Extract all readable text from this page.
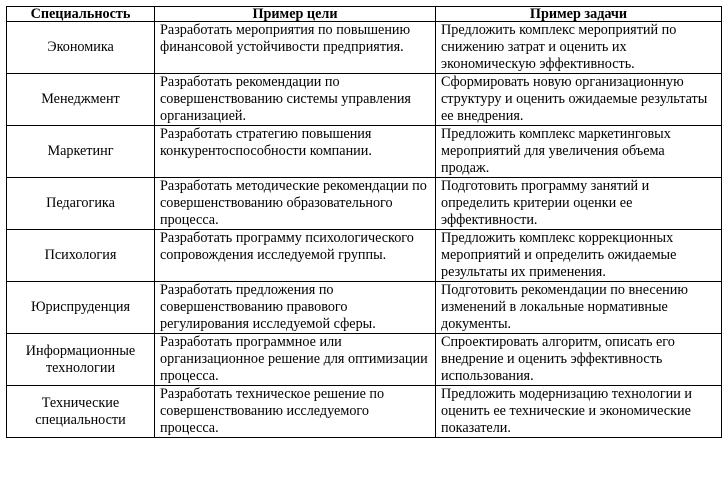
Специальность	Пример цели	Пример задачи
Экономика	Разработать мероприятия по повышению финансовой устойчивости предприятия.	Предложить комплекс мероприятий по снижению затрат и оценить их экономическую эффективность.
Менеджмент	Разработать рекомендации по совершенствованию системы управления организацией.	Сформировать новую организационную структуру и оценить ожидаемые результаты ее внедрения.
Маркетинг	Разработать стратегию повышения конкурентоспособности компании.	Предложить комплекс маркетинговых мероприятий для увеличения объема продаж.
Педагогика	Разработать методические рекомендации по совершенствованию образовательного процесса.	Подготовить программу занятий и определить критерии оценки ее эффективности.
Психология	Разработать программу психологического сопровождения исследуемой группы.	Предложить комплекс коррекционных мероприятий и определить ожидаемые результаты их применения.
Юриспруденция	Разработать предложения по совершенствованию правового регулирования исследуемой сферы.	Подготовить рекомендации по внесению изменений в локальные нормативные документы.
Информационные технологии	Разработать программное или организационное решение для оптимизации процесса.	Спроектировать алгоритм, описать его внедрение и оценить эффективность использования.
Технические специальности	Разработать техническое решение по совершенствованию исследуемого процесса.	Предложить модернизацию технологии и оценить ее технические и экономические показатели.
